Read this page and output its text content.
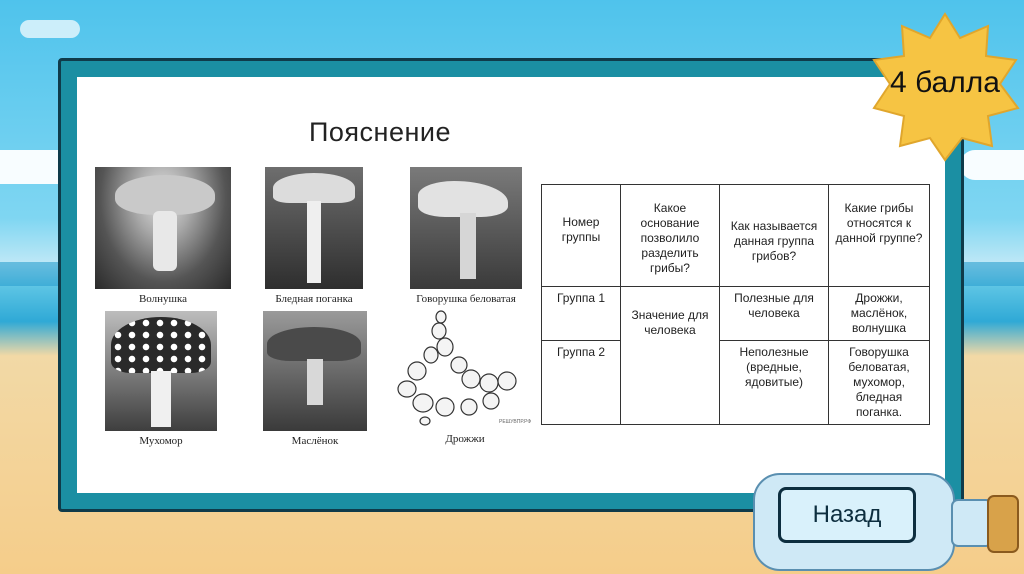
Пояснение
Волнушка	Бледная поганка	Говорушка беловатая
Мухомор	Маслёнок
РЕШУВПР.РФ
Дрожжи
Номер группы	Какое основание позволило разделить грибы?	Как называется данная группа грибов?	Какие грибы относятся к данной группе?
Группа 1	Значение для человека	Полезные для человека	Дрожжи, маслёнок, волнушка
Группа 2		Неполезные (вредные, ядовитые)	Говорушка беловатая, мухомор, бледная поганка.
4 балла
Назад
